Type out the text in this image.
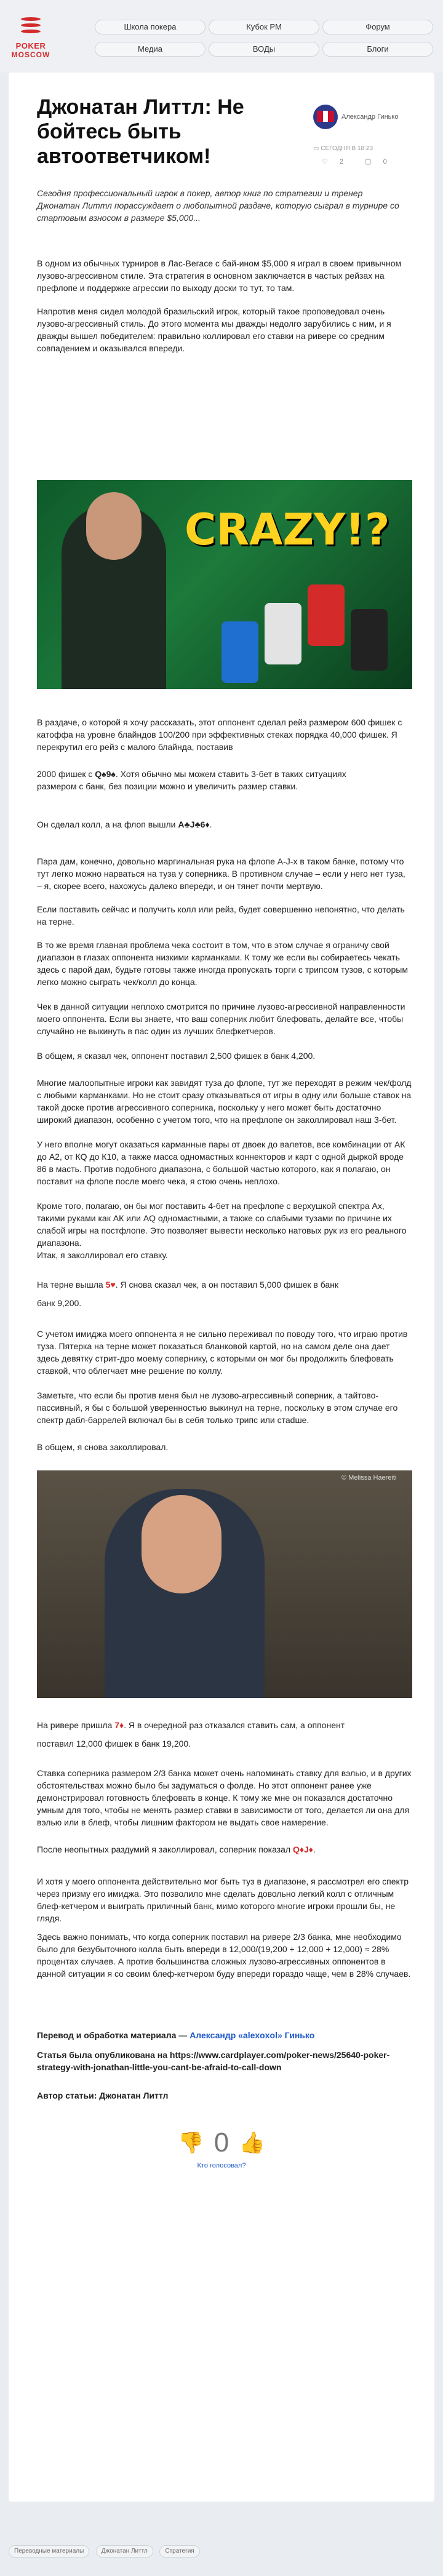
POKER
MOSCOW
Школа покера	Кубок РМ	Форум
Медиа	ВОДы	Блоги
Джонатан Литтл: Не бойтесь быть автоответчиком!
Александр Гинько
▭ СЕГОДНЯ В 18:23
♡ 2	▢ 0

Сегодня профессиональный игрок в покер, автор книг по стратегии и тренер Джонатан Литтл порассуждает о любопытной раздаче, которую сыграл в турнире со стартовым взносом в размере $5,000...

В одном из обычных турниров в Лас-Вегасе с бай-ином $5,000 я играл в своем привычном лузово-агрессивном стиле. Эта стратегия в основном заключается в частых рейзах на префлопе и поддержке агрессии по выходу доски то тут, то там.

Напротив меня сидел молодой бразильский игрок, который такое проповедовал очень лузово-агрессивный стиль. До этого момента мы дважды недолго зарубились с ним, и я дважды вышел победителем: правильно коллировал его ставки на ривере со средним совпадением и оказывался впереди.

CRAZY!?

В раздаче, о которой я хочу рассказать, этот оппонент сделал рейз размером 600 фишек с катоффа на уровне блайндов 100/200 при эффективных стеках порядка 40,000 фишек. Я перекрутил его рейз с малого блайнда, поставив

2000 фишек с Q♠9♠. Хотя обычно мы можем ставить 3-бет в таких ситуациях

размером с банк, без позиции можно и увеличить размер ставки.

Он сделал колл, а на флоп вышли A♣J♣6♦.

Пара дам, конечно, довольно маргинальная рука на флопе А-J-x в таком банке, потому что тут легко можно нарваться на туза у соперника. В противном случае – если у него нет туза, – я, скорее всего, нахожусь далеко впереди, и он тянет почти мертвую.

Если поставить сейчас и получить колл или рейз, будет совершенно непонятно, что делать на терне.

В то же время главная проблема чека состоит в том, что в этом случае я ограничу свой диапазон в глазах оппонента низкими карманками. К тому же если вы собираетесь чекать здесь с парой дам, будьте готовы также иногда пропускать торги с трипсом тузов, с которым легко можно сыграть чек/колл до конца.

Чек в данной ситуации неплохо смотрится по причине лузово-агрессивной направленности моего оппонента. Если вы знаете, что ваш соперник любит блефовать, делайте все, чтобы случайно не выкинуть в пас один из лучших блефкетчеров.

В общем, я сказал чек, оппонент поставил 2,500 фишек в банк 4,200.

Многие малоопытные игроки как завидят туза до флопе, тут же переходят в режим чек/фолд с любыми карманками. Но не стоит сразу отказываться от игры в одну или больше ставок на такой доске против агрессивного соперника, поскольку у него может быть достаточно широкий диапазон, особенно с учетом того, что на префлопе он заколлировал наш 3-бет.

У него вполне могут оказаться карманные пары от двоек до валетов, все комбинации от АК до А2, от КQ до К10, а также масса одномастных коннекторов и карт с одной дыркой вроде 86 в масть. Против подобного диапазона, с большой частью которого, как я полагаю, он поставит на флопе после моего чека, я стою очень неплохо.

Кроме того, полагаю, он бы мог поставить 4-бет на префлопе с верхушкой спектра Ах, такими руками как АК или АQ одномастными, а также со слабыми тузами по причине их слабой игры на постфлопе. Это позволяет вывести несколько натовых рук из его реального диапазона.

Итак, я заколлировал его ставку.

На терне вышла 5♥. Я снова сказал чек, а он поставил 5,000 фишек в банк

банк 9,200.

С учетом имиджа моего оппонента я не сильно переживал по поводу того, что играю против туза. Пятерка на терне может показаться бланковой картой, но на самом деле она дает здесь девятку стрит-дро моему сопернику, с которыми он мог бы продолжить блефовать ставкой, что облегчает мне решение по коллу.

Заметьте, что если бы против меня был не лузово-агрессивный соперник, а тайтово-пассивный, я бы с большой уверенностью выкинул на терне, поскольку в этом случае его спектр дабл-баррелей включал бы в себя только трипс или стаdше.

В общем, я снова заколлировал.

© Melissa Haereiti

На ривере пришла 7♦. Я в очередной раз отказался ставить сам, а оппонент

поставил 12,000 фишек в банк 19,200.

Ставка соперника размером 2/3 банка может очень напоминать ставку для вэлью, и в других обстоятельствах можно было бы задуматься о фолде. Но этот оппонент ранее уже демонстрировал готовность блефовать в конце. К тому же мне он показался достаточно умным для того, чтобы не менять размер ставки в зависимости от того, делается ли она для вэлью или в блеф, чтобы лишним фактором не выдать свое намерение.

После неопытных раздумий я заколлировал, соперник показал Q♦J♦.

И хотя у моего оппонента действительно мог быть туз в диапазоне, я рассмотрел его спектр через призму его имиджа. Это позволило мне сделать довольно легкий колл с отличным блеф-кетчером и выиграть приличный банк, мимо которого многие игроки прошли бы, не глядя.

Здесь важно понимать, что когда соперник поставил на ривере 2/3 банка, мне необходимо было для безубыточного колла быть впереди в 12,000/(19,200 + 12,000 + 12,000) ≈ 28% процентах случаев. А против большинства сложных лузово-агрессивных оппонентов в данной ситуации я со своим блеф-кетчером буду впереди гораздо чаще, чем в 28% случаев.

Перевод и обработка материала — Александр «alexoxol» Гинько

Статья была опубликована на https://www.cardplayer.com/poker-news/25640-poker-strategy-with-jonathan-little-you-cant-be-afraid-to-call-down

Автор статьи: Джонатан Литтл

👎 0 👍
Кто голосовал?
Переводные материалы	Джонатан Литтл	Стратегия
